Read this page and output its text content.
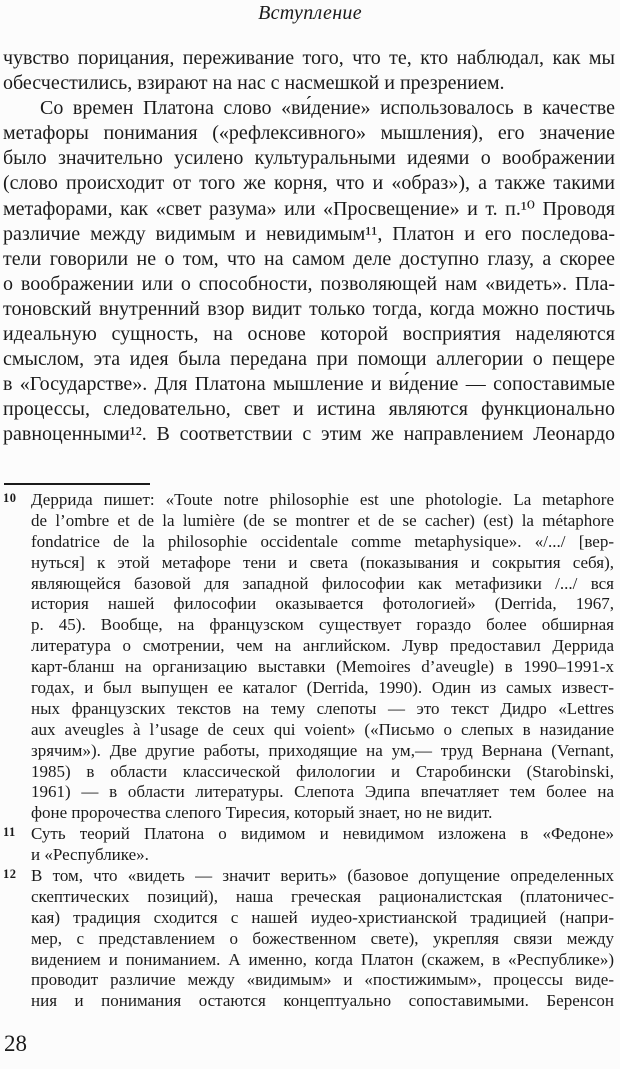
Вступление
чувство порицания, переживание того, что те, кто наблюдал, как мы
обесчестились, взирают на нас с насмешкой и презрением.
Со времен Платона слово «ви́дение» использовалось в качестве
метафоры понимания («рефлексивного» мышления), его значение
было значительно усилено культуральными идеями о воображении
(слово происходит от того же корня, что и «образ»), а также такими
метафорами, как «свет разума» или «Просвещение» и т. п.¹⁰ Проводя
различие между видимым и невидимым¹¹, Платон и его последова-
тели говорили не о том, что на самом деле доступно глазу, а скорее
о воображении или о способности, позволяющей нам «видеть». Пла-
тоновский внутренний взор видит только тогда, когда можно постичь
идеальную сущность, на основе которой восприятия наделяются
смыслом, эта идея была передана при помощи аллегории о пещере
в «Государстве». Для Платона мышление и ви́дение — сопоставимые
процессы, следовательно, свет и истина являются функционально
равноценными¹². В соответствии с этим же направлением Леонардо
10 Деррида пишет: «Toute notre philosophie est une photologie. La metaphore
de l’ombre et de la lumière (de se montrer et de se cacher) (est) la métaphore
fondatrice de la philosophie occidentale comme metaphysique». «/.../ [вер-
нуться] к этой метафоре тени и света (показывания и сокрытия себя),
являющейся базовой для западной философии как метафизики /.../ вся
история нашей философии оказывается фотологией» (Derrida, 1967,
p. 45). Вообще, на французском существует гораздо более обширная
литература о смотрении, чем на английском. Лувр предоставил Деррида
карт-бланш на организацию выставки (Memoires d’aveugle) в 1990–1991-х
годах, и был выпущен ее каталог (Derrida, 1990). Один из самых извест-
ных французских текстов на тему слепоты — это текст Дидро «Lettres
aux aveugles à l’usage de ceux qui voient» («Письмо о слепых в назидание
зрячим»). Две другие работы, приходящие на ум,— труд Вернана (Vernant,
1985) в области классической филологии и Старобински (Starobinski,
1961) — в области литературы. Слепота Эдипа впечатляет тем более на
фоне пророчества слепого Тиресия, который знает, но не видит.
11 Суть теорий Платона о видимом и невидимом изложена в «Федоне»
и «Республике».
12 В том, что «видеть — значит верить» (базовое допущение определенных
скептических позиций), наша греческая рационалистская (платоничес-
кая) традиция сходится с нашей иудео-христианской традицией (напри-
мер, с представлением о божественном свете), укрепляя связи между
видением и пониманием. А именно, когда Платон (скажем, в «Республике»)
проводит различие между «видимым» и «постижимым», процессы виде-
ния и понимания остаются концептуально сопоставимыми. Беренсон
28
